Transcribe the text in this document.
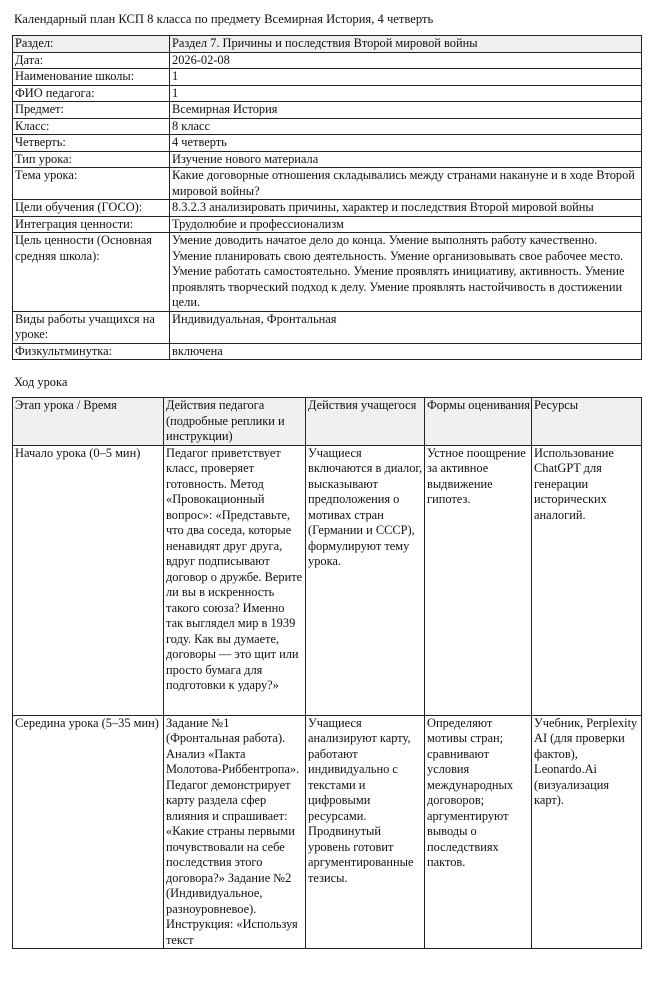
Календарный план КСП 8 класса по предмету Всемирная История, 4 четверть
Раздел:	Раздел 7. Причины и последствия Второй мировой войны
Дата:	2026-02-08
Наименование школы:	1
ФИО педагога:	1
Предмет:	Всемирная История
Класс:	8 класс
Четверть:	4 четверть
Тип урока:	Изучение нового материала
Тема урока:	Какие договорные отношения складывались между странами накануне и в ходе Второй мировой войны?
Цели обучения (ГОСО):	8.3.2.3 анализировать причины, характер и последствия Второй мировой войны
Интеграция ценности:	Трудолюбие и профессионализм
Цель ценности (Основная средняя школа):	Умение доводить начатое дело до конца. Умение выполнять работу качественно. Умение планировать свою деятельность. Умение организовывать свое рабочее место. Умение работать самостоятельно. Умение проявлять инициативу, активность. Умение проявлять творческий подход к делу. Умение проявлять настойчивость в достижении цели.
Виды работы учащихся на уроке:	Индивидуальная, Фронтальная
Физкультминутка:	включена
Ход урока
Этап урока / Время	Действия педагога (подробные реплики и инструкции)	Действия учащегося	Формы оценивания	Ресурсы
Начало урока (0–5 мин)	Педагог приветствует класс, проверяет готовность. Метод «Провокационный вопрос»: «Представьте, что два соседа, которые ненавидят друг друга, вдруг подписывают договор о дружбе. Верите ли вы в искренность такого союза? Именно так выглядел мир в 1939 году. Как вы думаете, договоры — это щит или просто бумага для подготовки к удару?»	Учащиеся включаются в диалог, высказывают предположения о мотивах стран (Германии и СССР), формулируют тему урока.	Устное поощрение за активное выдвижение гипотез.	Использование ChatGPT для генерации исторических аналогий.
Середина урока (5–35 мин)	Задание №1 (Фронтальная работа). Анализ «Пакта Молотова-Риббентропа». Педагог демонстрирует карту раздела сфер влияния и спрашивает: «Какие страны первыми почувствовали на себе последствия этого договора?» Задание №2 (Индивидуальное, разноуровневое). Инструкция: «Используя текст	Учащиеся анализируют карту, работают индивидуально с текстами и цифровыми ресурсами. Продвинутый уровень готовит аргументированные тезисы.	Определяют мотивы стран; сравнивают условия международных договоров; аргументируют выводы о последствиях пактов.	Учебник, Perplexity AI (для проверки фактов), Leonardo.Ai (визуализация карт).
